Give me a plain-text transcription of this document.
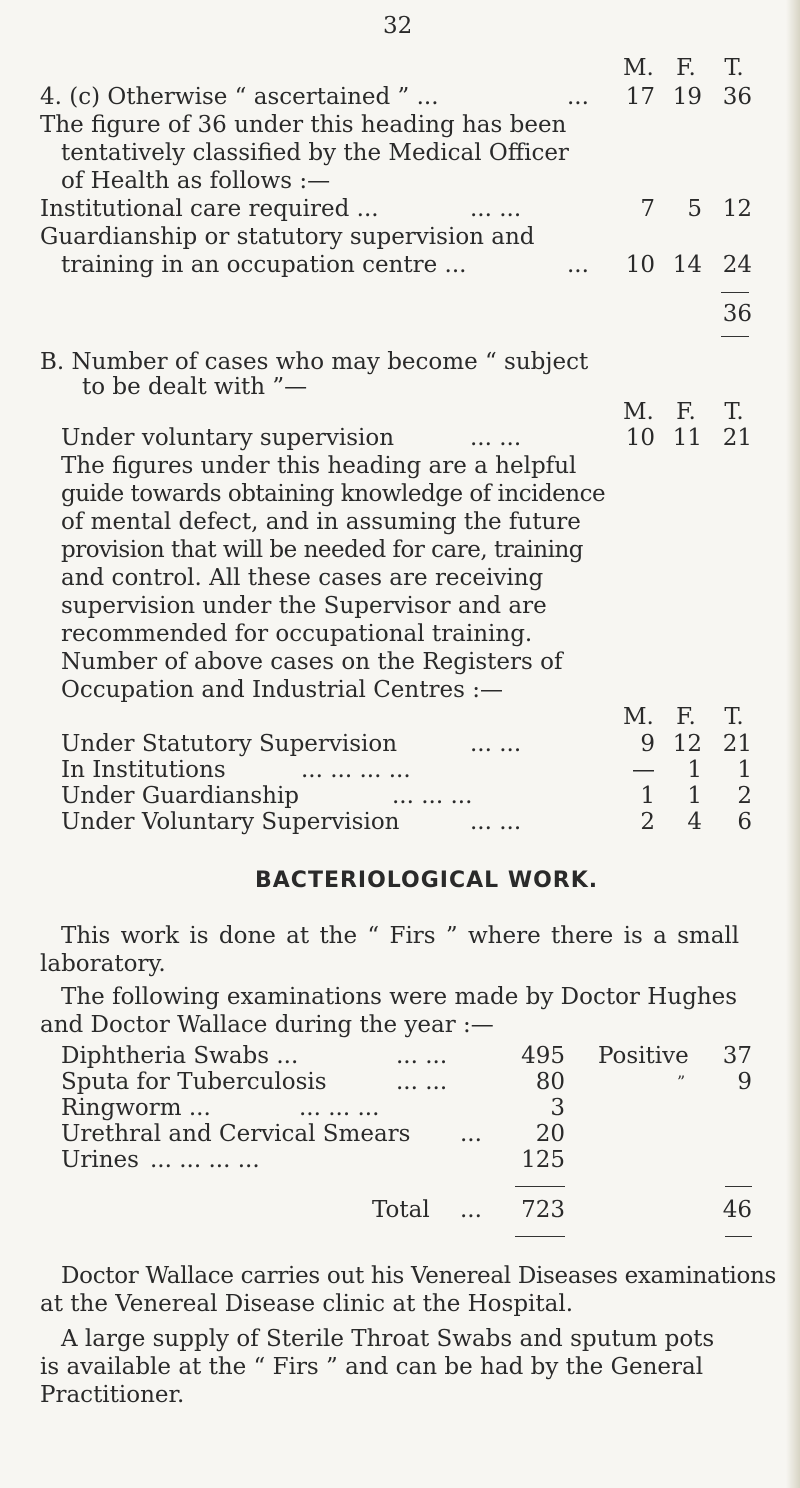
32
M. F.	T.
4. (c) Otherwise “ ascertained ” ...	...	17 19 36
The figure of 36 under this heading has been
tentatively classified by the Medical Officer
of Health as follows :—
Institutional care required ...	... ...	7	5 12
Guardianship or statutory supervision and
training in an occupation centre ...	...	10 14 24
36
B. Number of cases who may become “ subject
to be dealt with ”—
M. F.	T.
Under voluntary supervision	... ...	10 11 21
The figures under this heading are a helpful
guide towards obtaining knowledge of incidence
of mental defect, and in assuming the future
provision that will be needed for care, training
and control. All these cases are receiving
supervision under the Supervisor and are
recommended for occupational training.
Number of above cases on the Registers of
Occupation and Industrial Centres :—
M. F.	T.
Under Statutory Supervision	... ...	9 12 21
In Institutions	... ... ... ...	—	1	1
Under Guardianship	... ... ...	1	1	2
Under Voluntary Supervision	... ...	2	4	6
BACTERIOLOGICAL WORK.
This work is done at the “ Firs ” where there is a small
laboratory.
The following examinations were made by Doctor Hughes
and Doctor Wallace during the year :—
Diphtheria Swabs ...	... ...	495 Positive	37
Sputa for Tuberculosis	... ...	80	”	9
Ringworm ...	... ... ...	3
Urethral and Cervical Smears ...	20
Urines ... ... ... ...	125
Total ...	723	46
Doctor Wallace carries out his Venereal Diseases examinations
at the Venereal Disease clinic at the Hospital.
A large supply of Sterile Throat Swabs and sputum pots
is available at the “ Firs ” and can be had by the General
Practitioner.
